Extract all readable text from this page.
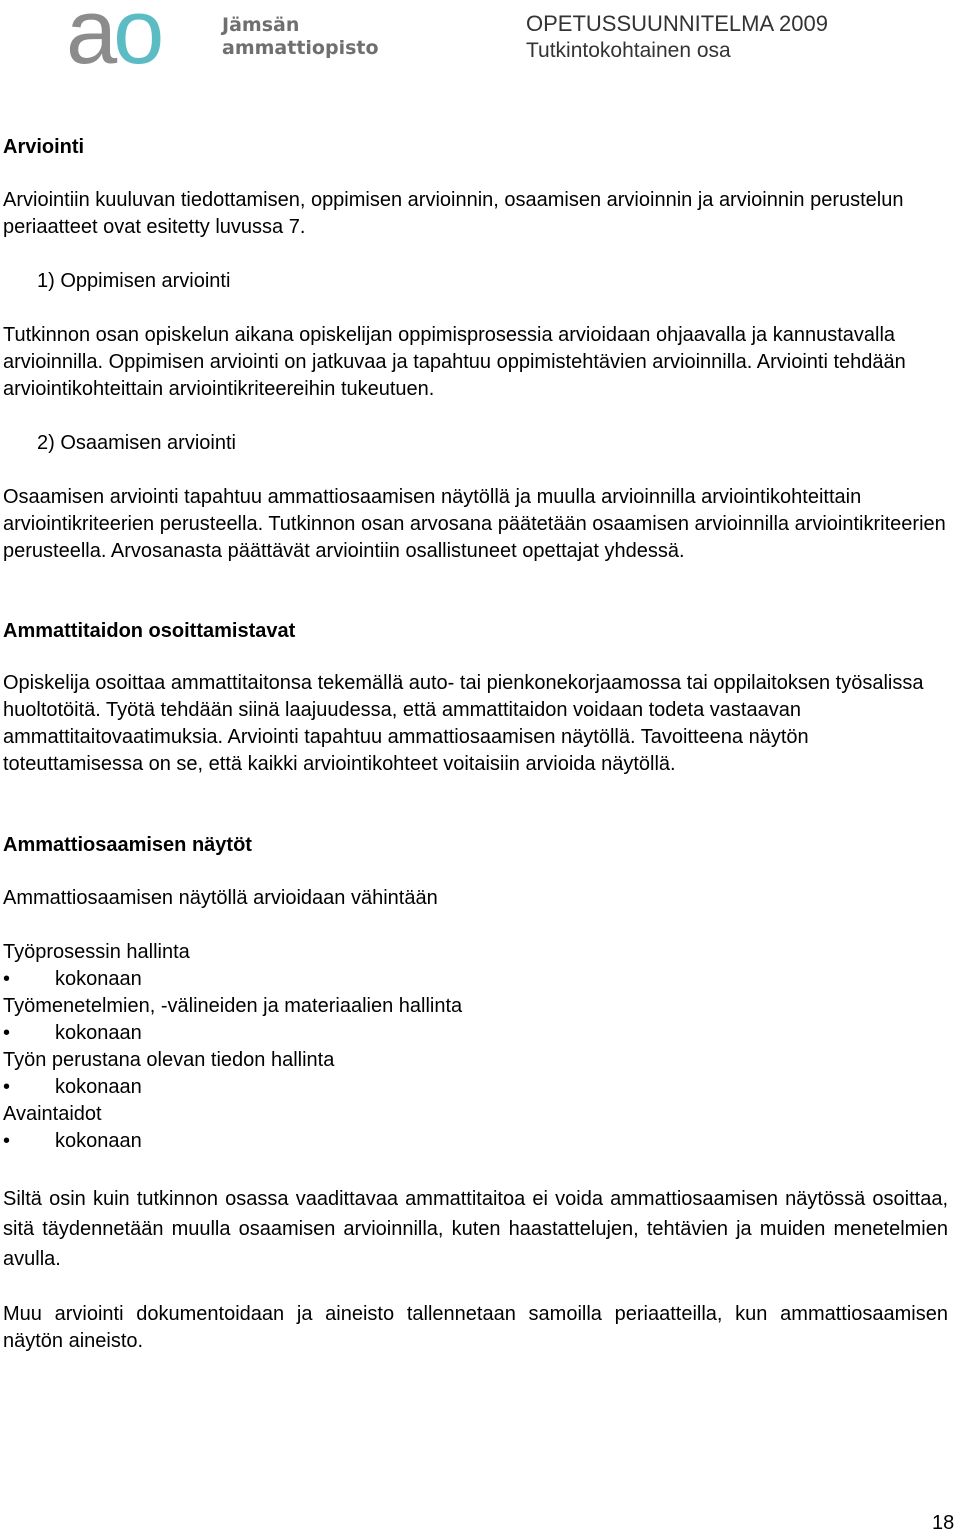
ao	Jämsän
ammattiopisto
OPETUSSUUNNITELMA 2009
Tutkintokohtainen osa
Arviointi

Arviointiin kuuluvan tiedottamisen, oppimisen arvioinnin, osaamisen arvioinnin ja arvioinnin perustelun periaatteet ovat esitetty luvussa 7.

1) Oppimisen arviointi

Tutkinnon osan opiskelun aikana opiskelijan oppimisprosessia arvioidaan ohjaavalla ja kannustavalla arvioinnilla. Oppimisen arviointi on jatkuvaa ja tapahtuu oppimistehtävien arvioinnilla. Arviointi tehdään arviointikohteittain arviointikriteereihin tukeutuen.

2) Osaamisen arviointi

Osaamisen arviointi tapahtuu ammattiosaamisen näytöllä ja muulla arvioinnilla arviointikohteittain arviointikriteerien perusteella. Tutkinnon osan arvosana päätetään osaamisen arvioinnilla arviointikriteerien perusteella. Arvosanasta päättävät arviointiin osallistuneet opettajat yhdessä.

Ammattitaidon osoittamistavat

Opiskelija osoittaa ammattitaitonsa tekemällä auto- tai pienkonekorjaamossa tai oppilaitoksen työsalissa huoltotöitä. Työtä tehdään siinä laajuudessa, että ammattitaidon voidaan todeta vastaavan ammattitaitovaatimuksia. Arviointi tapahtuu ammattiosaamisen näytöllä. Tavoitteena näytön toteuttamisessa on se, että kaikki arviointikohteet voitaisiin arvioida näytöllä.

Ammattiosaamisen näytöt

Ammattiosaamisen näytöllä arvioidaan vähintään

Työprosessin hallinta
• kokonaan
Työmenetelmien, -välineiden ja materiaalien hallinta
• kokonaan
Työn perustana olevan tiedon hallinta
• kokonaan
Avaintaidot
• kokonaan

Siltä osin kuin tutkinnon osassa vaadittavaa ammattitaitoa ei voida ammattiosaamisen näytössä osoittaa, sitä täydennetään muulla osaamisen arvioinnilla, kuten haastattelujen, tehtävien ja muiden menetelmien avulla.

Muu arviointi dokumentoidaan ja aineisto tallennetaan samoilla periaatteilla, kun ammattiosaamisen näytön aineisto.

18
